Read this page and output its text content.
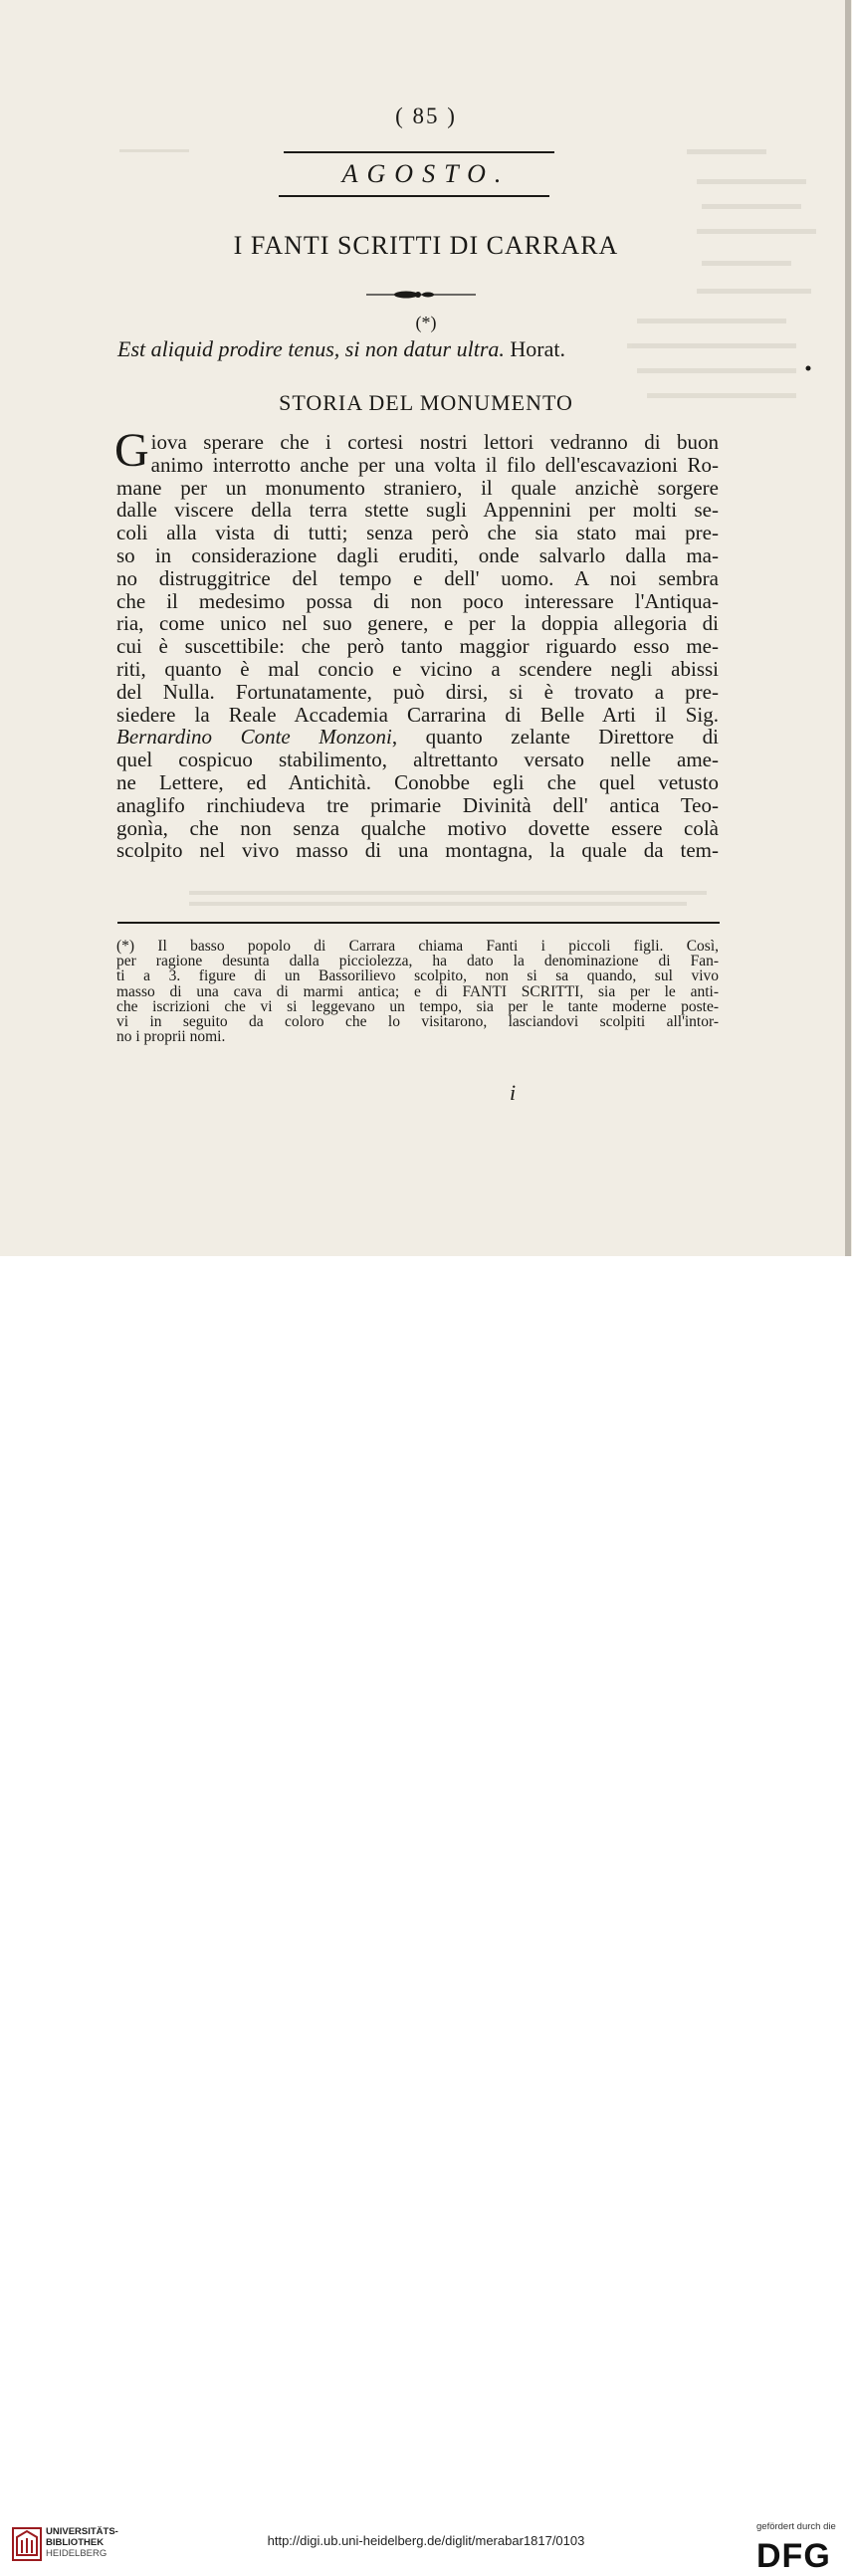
( 85 )
AGOSTO.
I FANTI SCRITTI DI CARRARA
(*)
Est aliquid prodire tenus, si non datur ultra. Horat.
STORIA DEL MONUMENTO
G iova sperare che i cortesi nostri lettori vedranno di buon
animo interrotto anche per una volta il filo dell'escavazioni Ro-
mane per un monumento straniero, il quale anzichè sorgere
dalle viscere della terra stette sugli Appennini per molti se-
coli alla vista di tutti; senza però che sia stato mai pre-
so in considerazione dagli eruditi, onde salvarlo dalla ma-
no distruggitrice del tempo e dell' uomo. A noi sembra
che il medesimo possa di non poco interessare l'Antiqua-
ria, come unico nel suo genere, e per la doppia allegoria di
cui è suscettibile: che però tanto maggior riguardo esso me-
riti, quanto è mal concio e vicino a scendere negli abissi
del Nulla. Fortunatamente, può dirsi, si è trovato a pre-
siedere la Reale Accademia Carrarina di Belle Arti il Sig.
Bernardino Conte Monzoni, quanto zelante Direttore di
quel cospicuo stabilimento, altrettanto versato nelle ame-
ne Lettere, ed Antichità. Conobbe egli che quel vetusto
anaglifo rinchiudeva tre primarie Divinità dell' antica Teo-
gonìa, che non senza qualche motivo dovette essere colà
scolpito nel vivo masso di una montagna, la quale da tem-
(*) Il basso popolo di Carrara chiama Fanti i piccoli figli. Così,
per ragione desunta dalla picciolezza, ha dato la denominazione di Fan-
ti a 3. figure di un Bassorilievo scolpito, non si sa quando, sul vivo
masso di una cava di marmi antica; e di FANTI SCRITTI, sia per le anti-
che iscrizioni che vi si leggevano un tempo, sia per le tante moderne poste-
vi in seguito da coloro che lo visitarono, lasciandovi scolpiti all'intor-
no i proprii nomi.
i
UNIVERSITÄTS-
BIBLIOTHEK
HEIDELBERG
http://digi.ub.uni-heidelberg.de/diglit/merabar1817/0103
gefördert durch die
DFG
